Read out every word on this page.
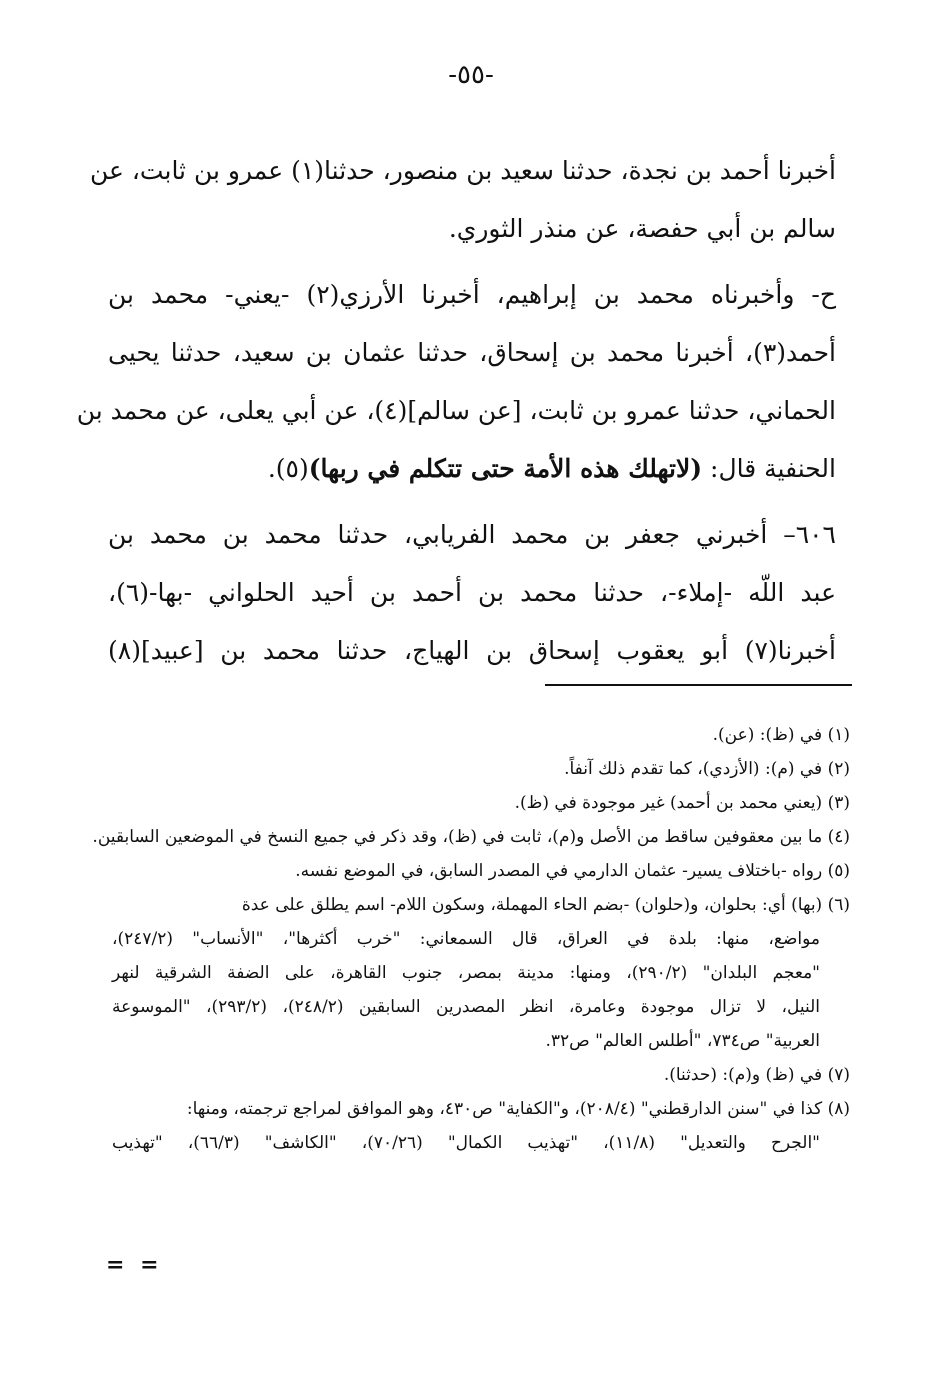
-٥٥-
أخبرنا أحمد بن نجدة، حدثنا سعيد بن منصور، حدثنا(١) عمرو بن ثابت، عن
سالم بن أبي حفصة، عن منذر الثوري.
ح- وأخبرناه محمد بن إبراهيم، أخبرنا الأرزي(٢) -يعني- محمد بن
أحمد(٣)، أخبرنا محمد بن إسحاق، حدثنا عثمان بن سعيد، حدثنا يحيى
الحماني، حدثنا عمرو بن ثابت، [عن سالم](٤)، عن أبي يعلى، عن محمد بن
الحنفية قال: (لاتهلك هذه الأمة حتى تتكلم في ربها)(٥).
٦٠٦– أخبرني جعفر بن محمد الفريابي، حدثنا محمد بن محمد بن
عبد اللّه -إملاء-، حدثنا محمد بن أحمد بن أحيد الحلواني -بها-(٦)،
أخبرنا(٧) أبو يعقوب إسحاق بن الهياج، حدثنا محمد بن [عبيد](٨)
(١) في (ظ): (عن).
(٢) في (م): (الأزدي)، كما تقدم ذلك آنفاً.
(٣) (يعني محمد بن أحمد) غير موجودة في (ظ).
(٤) ما بين معقوفين ساقط من الأصل و(م)، ثابت في (ظ)، وقد ذكر في جميع النسخ في الموضعين السابقين.
(٥) رواه -باختلاف يسير- عثمان الدارمي في المصدر السابق، في الموضع نفسه.
(٦) (بها) أي: بحلوان، و(حلوان) -بضم الحاء المهملة، وسكون اللام- اسم يطلق على عدة
مواضع، منها: بلدة في العراق، قال السمعاني: "خرب أكثرها"، "الأنساب" (٢٤٧/٢)،
"معجم البلدان" (٢٩٠/٢)، ومنها: مدينة بمصر، جنوب القاهرة، على الضفة الشرقية لنهر
النيل، لا تزال موجودة وعامرة، انظر المصدرين السابقين (٢٤٨/٢)، (٢٩٣/٢)، "الموسوعة
العربية" ص٧٣٤، "أطلس العالم" ص٣٢.
(٧) في (ظ) و(م): (حدثنا).
(٨) كذا في "سنن الدارقطني" (٢٠٨/٤)، و"الكفاية" ص٤٣٠، وهو الموافق لمراجع ترجمته، ومنها:
"الجرح والتعديل" (١١/٨)، "تهذيب الكمال" (٧٠/٢٦)، "الكاشف" (٦٦/٣)، "تهذيب
= =
